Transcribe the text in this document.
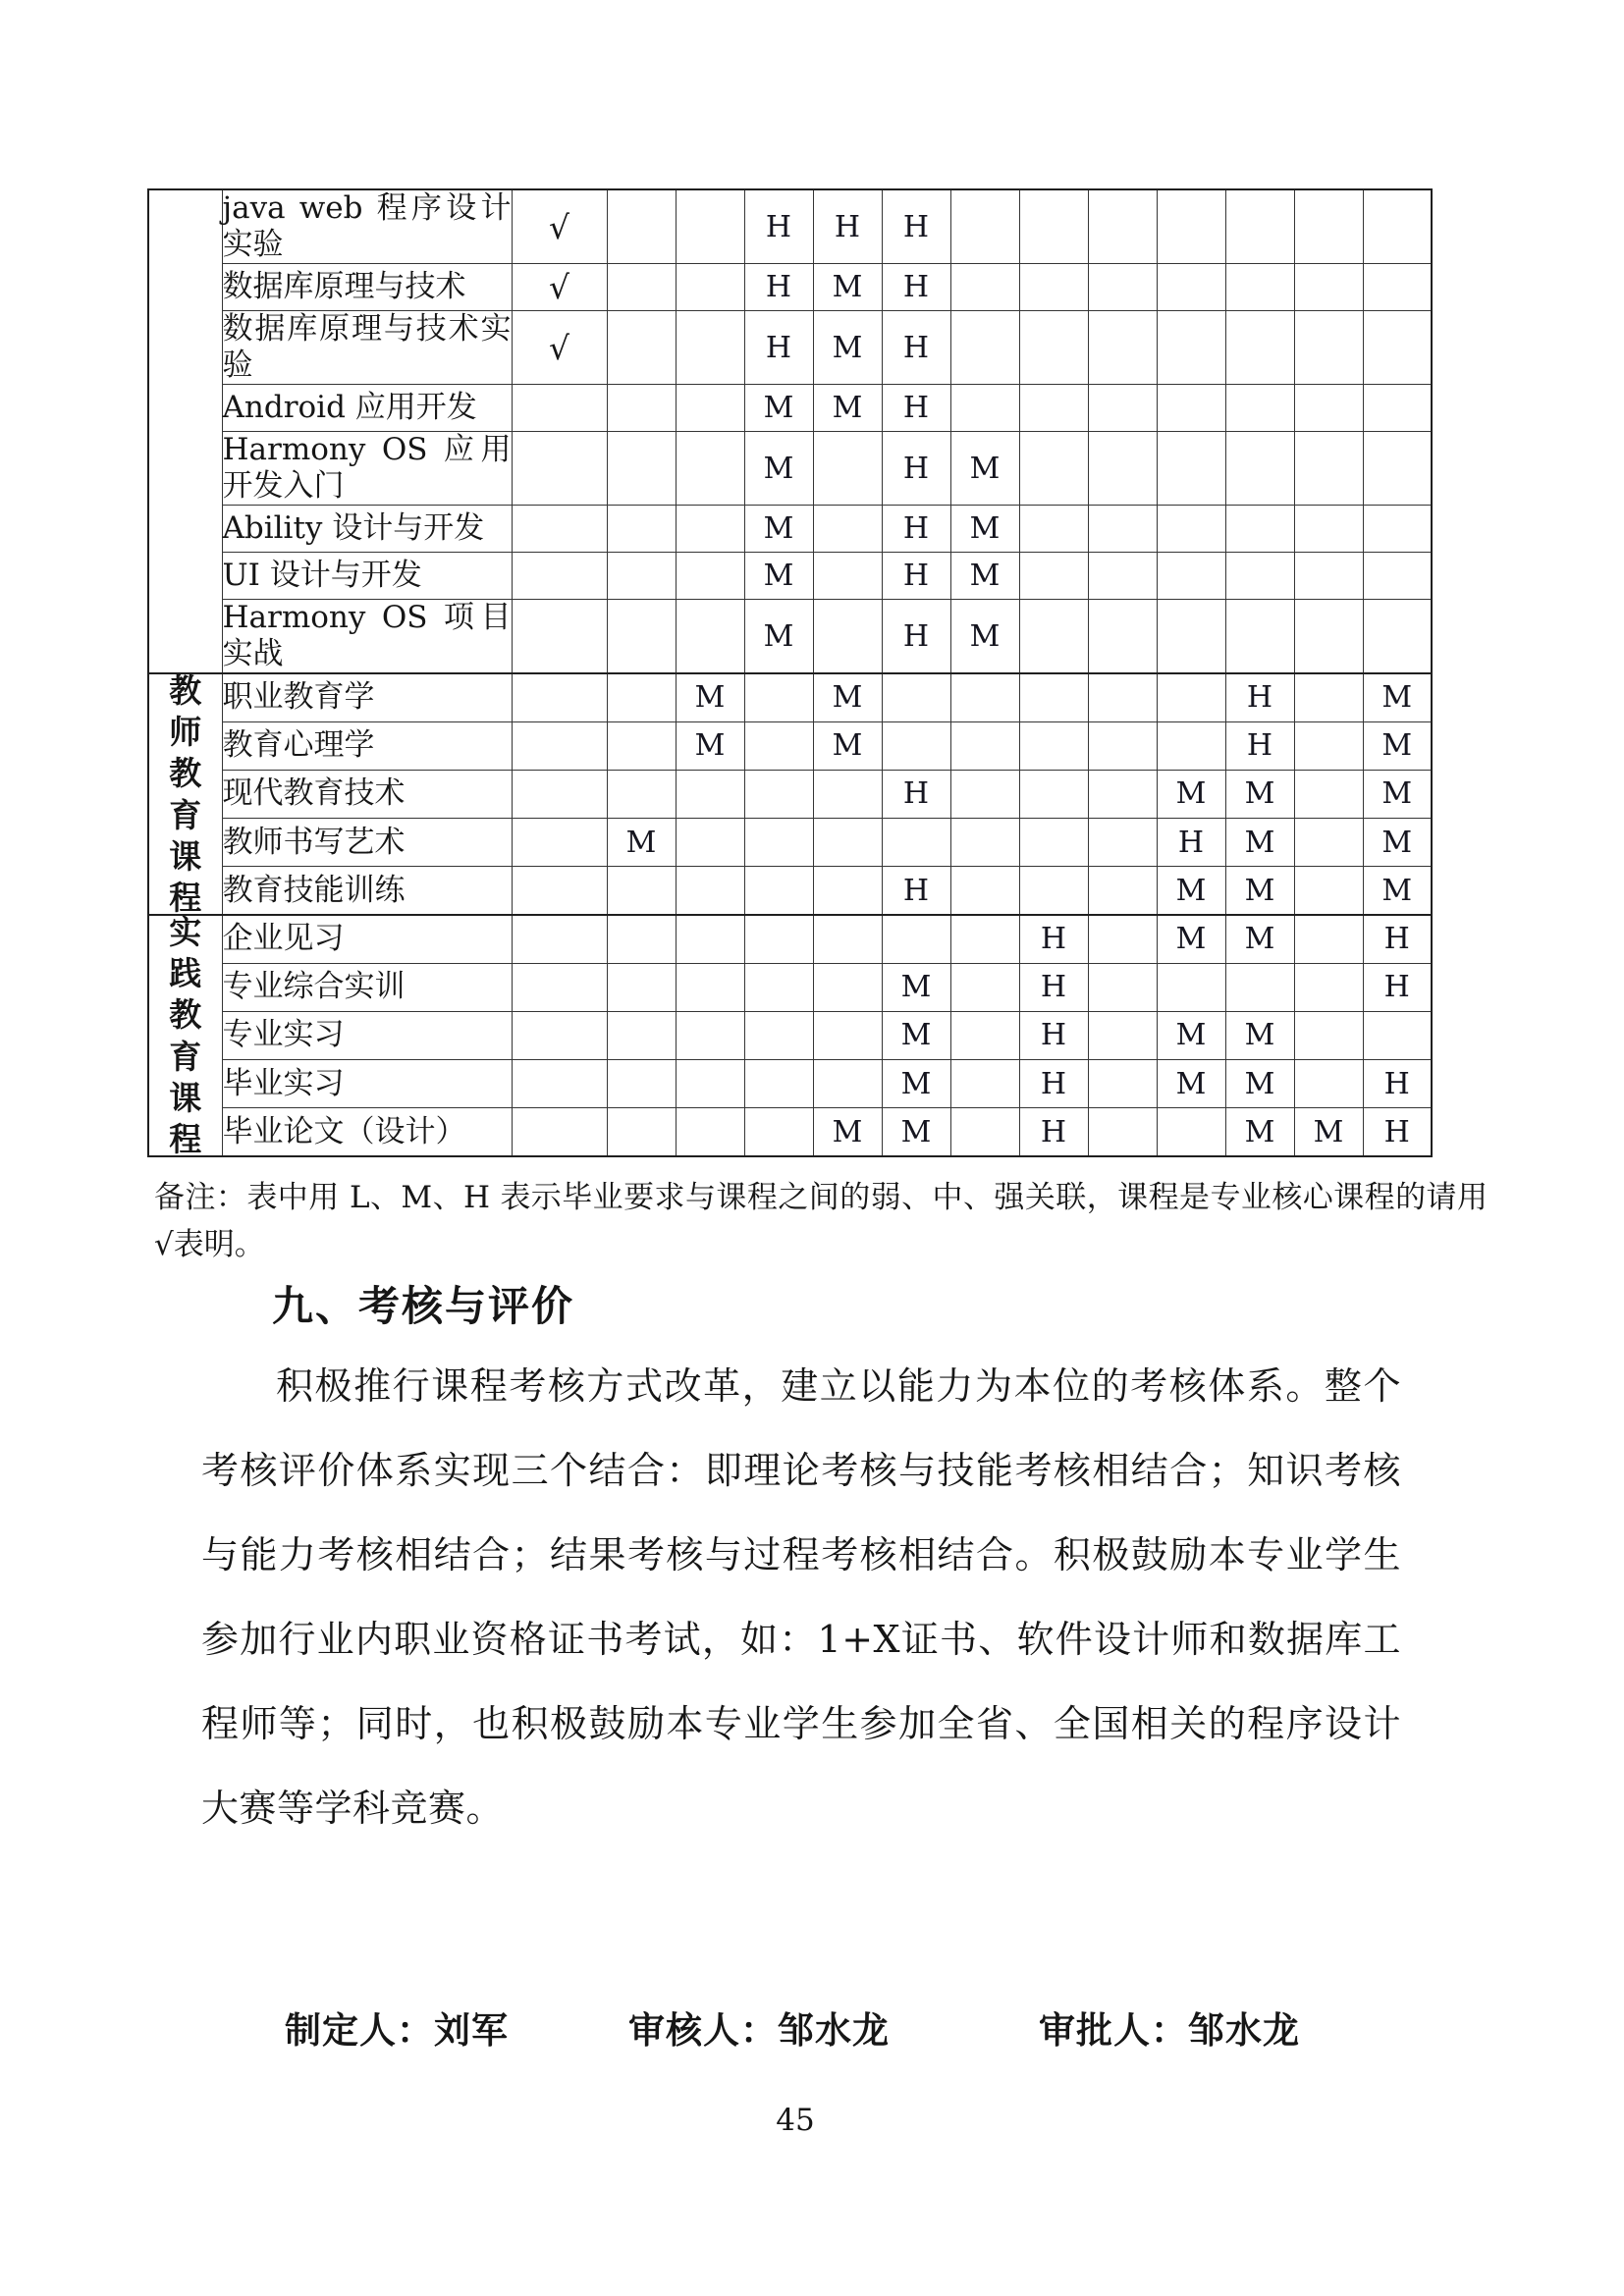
	java web 程序设计实验	√			H	H	H							
	数据库原理与技术	√			H	M	H							
	数据库原理与技术实验	√			H	M	H							
	Android 应用开发				M	M	H							
	Harmony OS 应用开发入门				M		H	M						
	Ability 设计与开发				M		H	M						
	UI 设计与开发				M		H	M						
	Harmony OS 项目实战				M		H	M						

教
师
教
育
课
程
	职业教育学			M		M						H		M
	教育心理学			M		M						H		M
	现代教育技术						H				M	M		M
	教师书写艺术		M								H	M		M
	教育技能训练						H				M	M		M

实
践
教
育
课
程
	企业见习								H		M	M		H
	专业综合实训						M		H					H
	专业实习						M		H		M	M		
	毕业实习						M		H		M	M		H
	毕业论文（设计）					M	M		H			M	M	H
备注：表中用 L、M、H 表示毕业要求与课程之间的弱、中、强关联，课程是专业核心课程的请用√表明。
九、考核与评价

积极推行课程考核方式改革，建立以能力为本位的考核体系。整个考核评价体系实现三个结合：即理论考核与技能考核相结合；知识考核与能力考核相结合；结果考核与过程考核相结合。积极鼓励本专业学生参加行业内职业资格证书考试，如：1+X证书、软件设计师和数据库工程师等；同时，也积极鼓励本专业学生参加全省、全国相关的程序设计大赛等学科竞赛。

制定人：刘军	审核人：邹水龙	审批人：邹水龙
45
